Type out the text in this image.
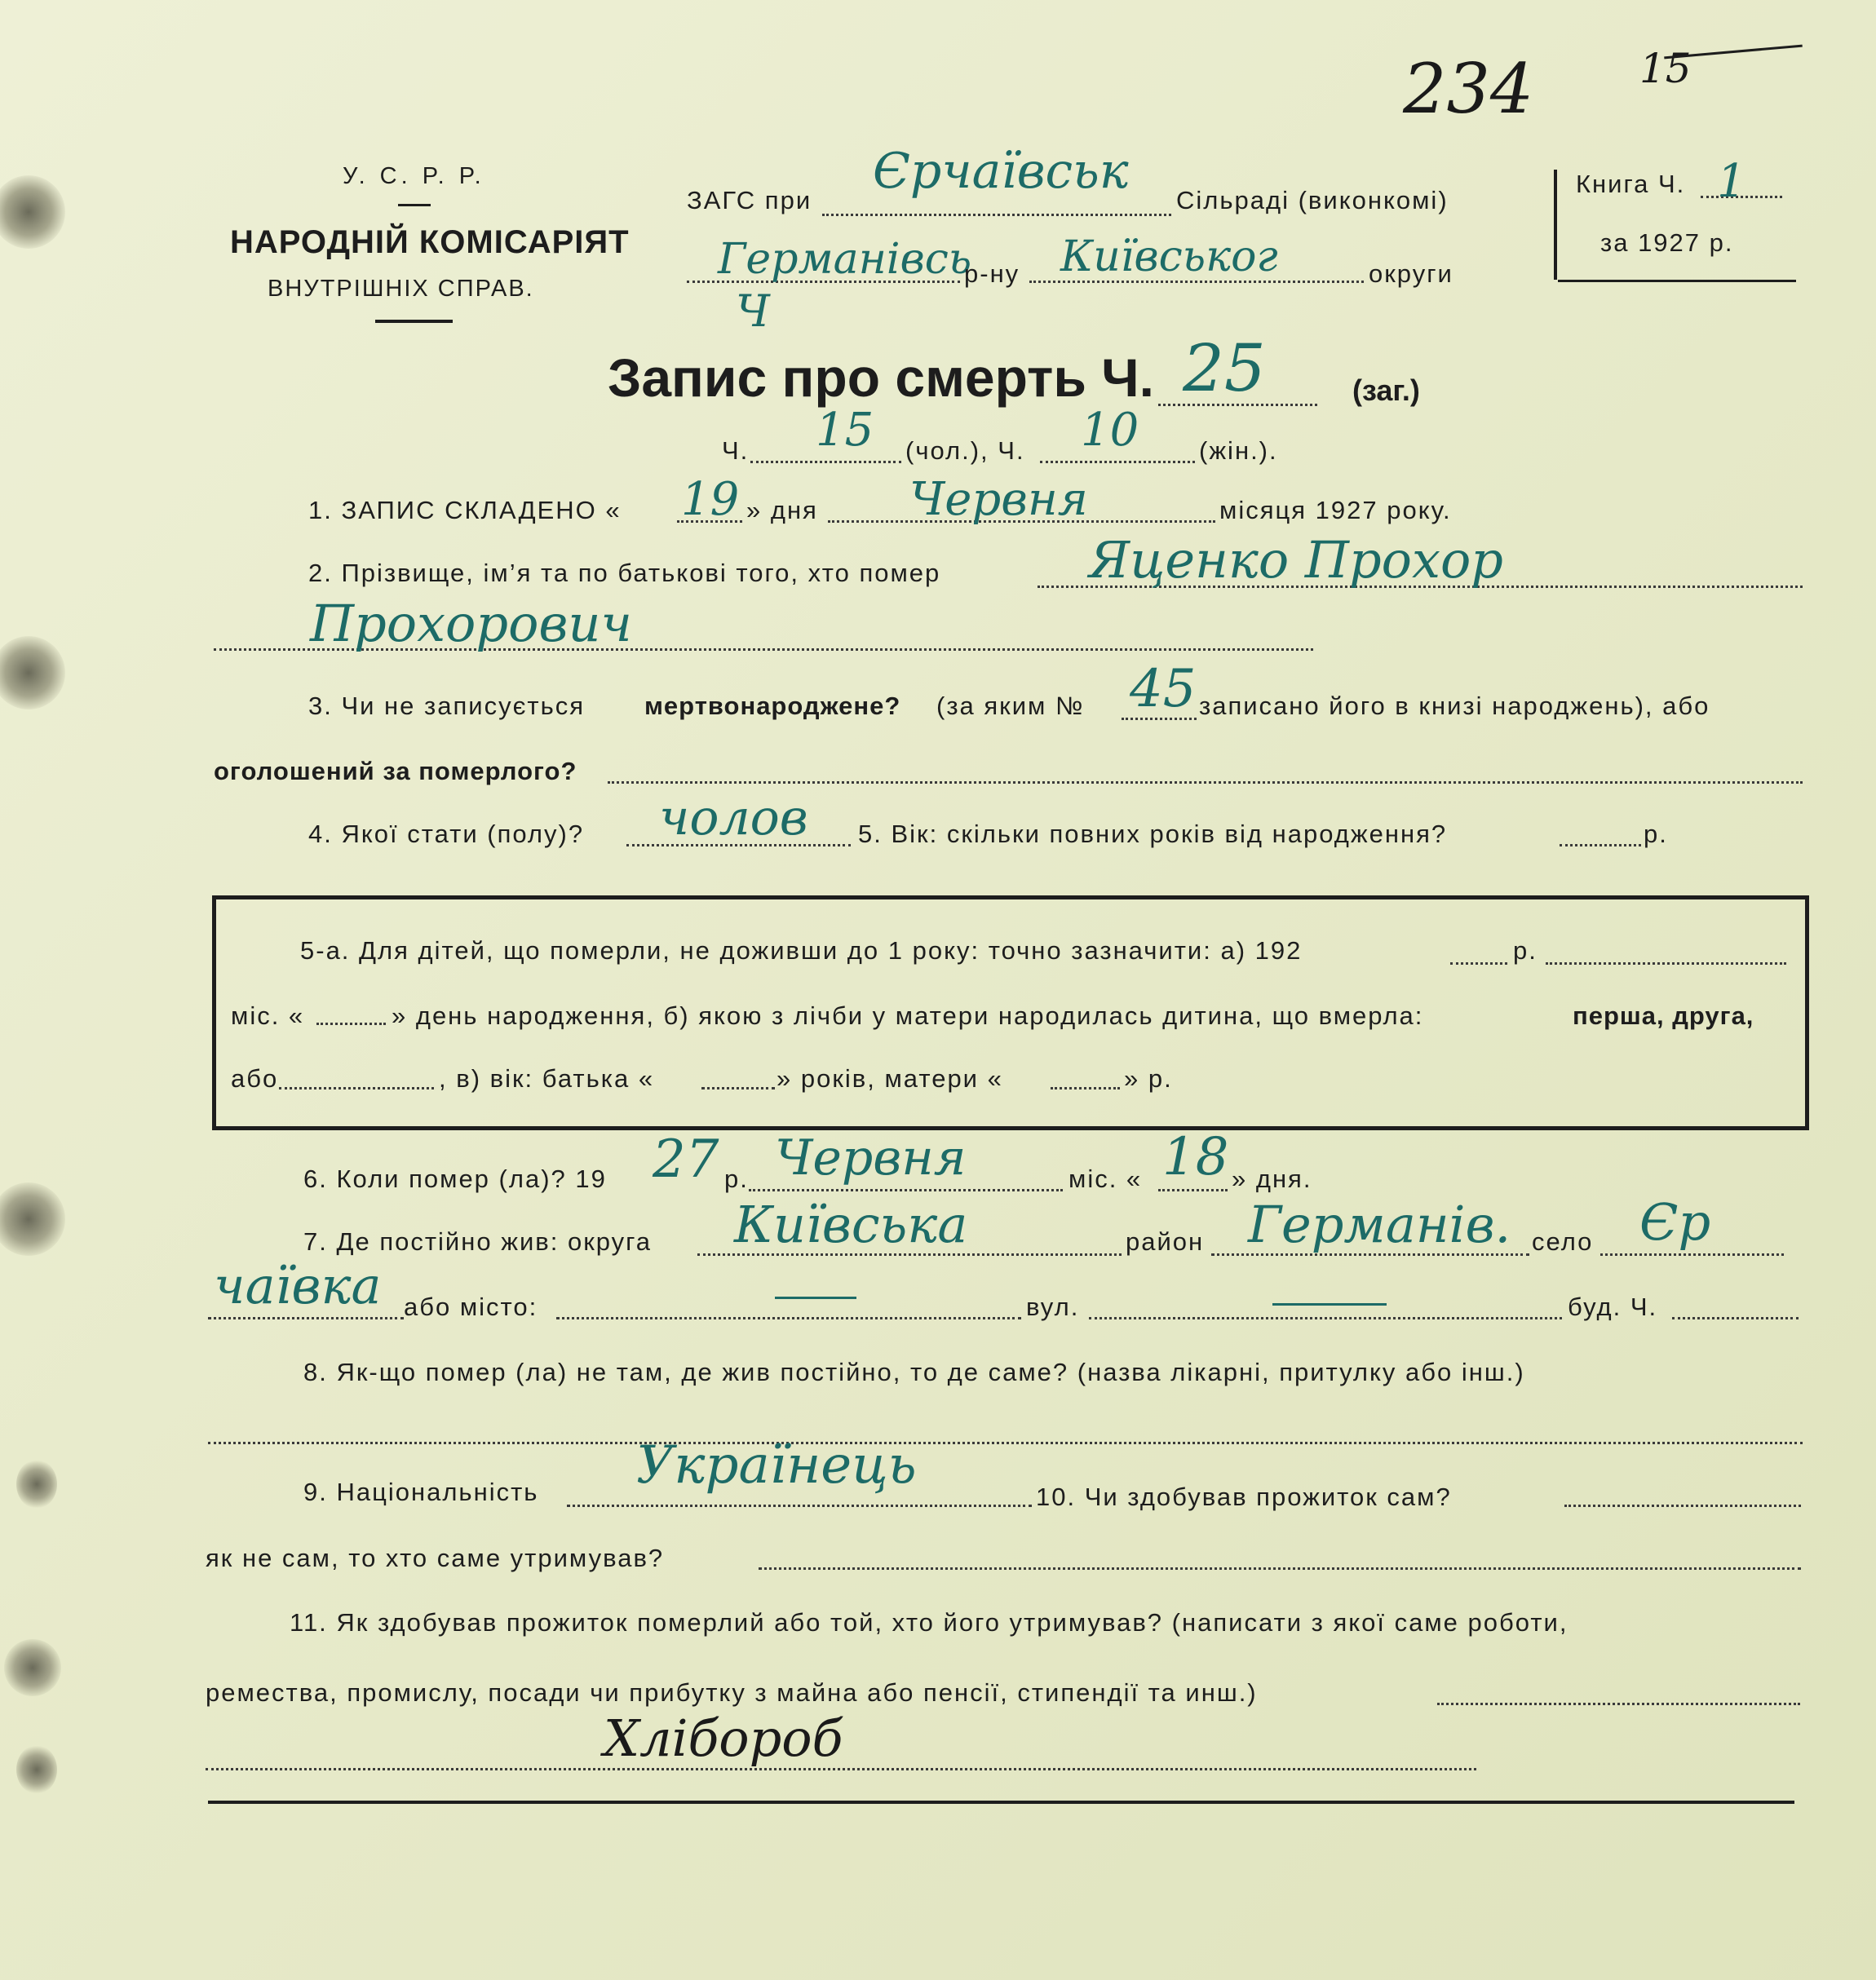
234	15
У. С. Р. Р.
НАРОДНІЙ КОМІСАРІЯТ
ВНУТРІШНІХ СПРАВ.
ЗАГС при
Єрчаївськ
Сільраді (виконкомі)
Германівсь
р-ну Київськог	округи
Ч
Книга Ч. 1
за 1927 р.
Запис про смерть Ч. 25	(заг.)
Ч. 15 (чол.), Ч. 10 (жін.).
1. ЗАПИС СКЛАДЕНО « 19 » дня Червня	місяця 1927 року.
2. Прізвище, ім’я та по батькові того, хто помер	Яценко Прохор
Прохорович
3. Чи не записується мертвонароджене? (за яким № 45 записано його в книзі народжень), або
оголошений за померлого?
4. Якої стати (полу)? чолов 5. Вік: скільки повних років від народження?	р.
5-а. Для дітей, що померли, не доживши до 1 року: точно зазначити: а) 192	р.
міс. «	» день народження, б) якою з лічби у матери народилась дитина, що вмерла:	перша, друга,
або	, в) вік: батька «	» років, матери «	» р.
6. Коли помер (ла)? 19 27 р. Червня	міс. « 18 » дня.
7. Де постійно жив: округа Київська	район Германів. село Єр
чаївка або місто:	вул.	буд. Ч.
8. Як-що помер (ла) не там, де жив постійно, то де саме? (назва лікарні, притулку або інш.)
9. Національність Українець
10. Чи здобував прожиток сам?
як не сам, то хто саме утримував?
11. Як здобував прожиток померлий або той, хто його утримував? (написати з якої саме роботи,
ремества, промислу, посади чи прибутку з майна або пенсії, стипендії та инш.)
Хлібороб
